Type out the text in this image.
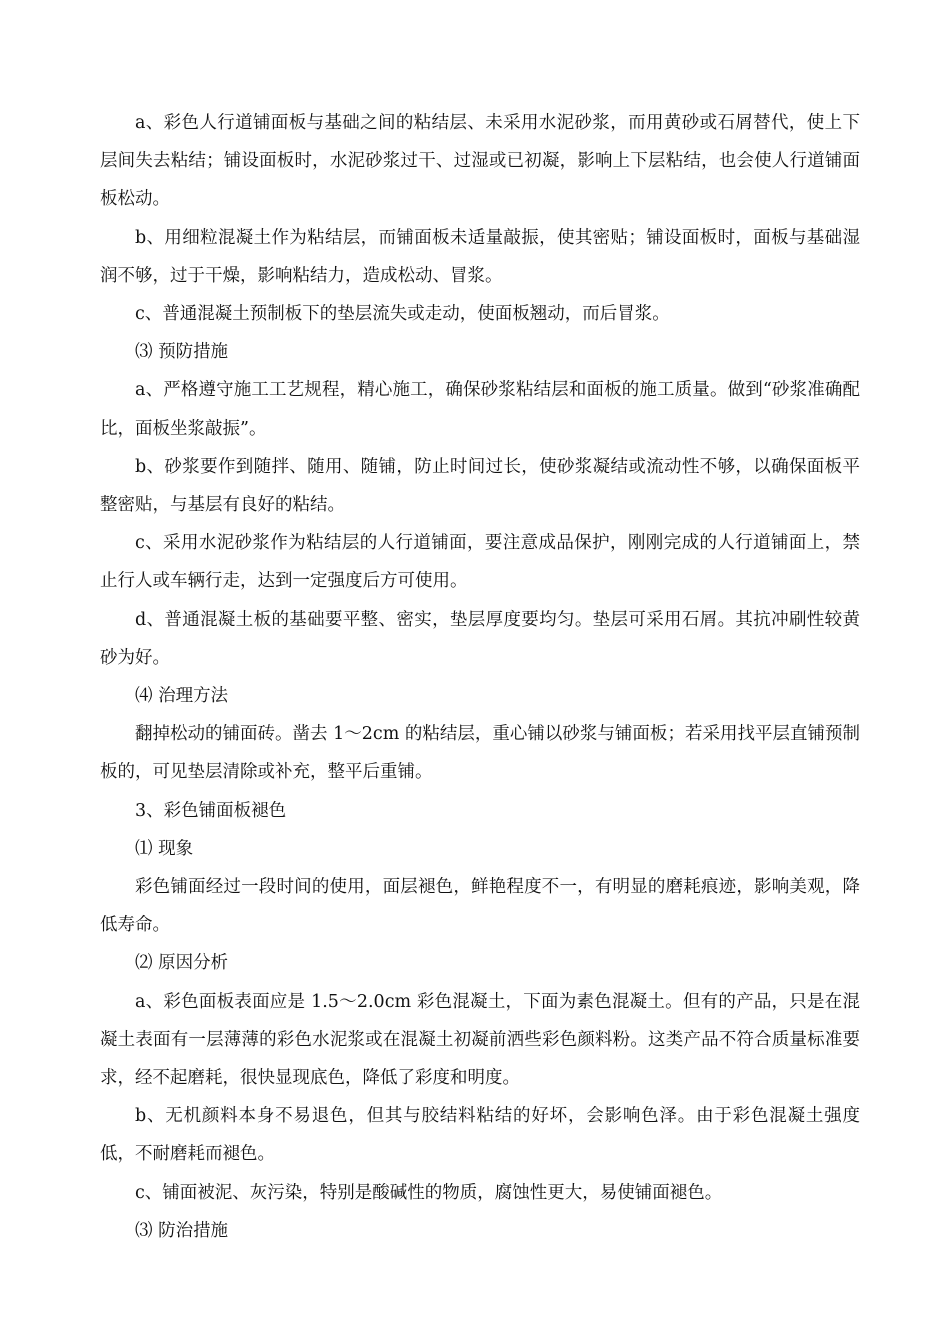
a、彩色人行道铺面板与基础之间的粘结层、未采用水泥砂浆，而用黄砂或石屑替代，使上下层间失去粘结；铺设面板时，水泥砂浆过干、过湿或已初凝，影响上下层粘结，也会使人行道铺面板松动。

b、用细粒混凝土作为粘结层，而铺面板未适量敲振，使其密贴；铺设面板时，面板与基础湿润不够，过于干燥，影响粘结力，造成松动、冒浆。

c、普通混凝土预制板下的垫层流失或走动，使面板翘动，而后冒浆。

⑶ 预防措施

a、严格遵守施工工艺规程，精心施工，确保砂浆粘结层和面板的施工质量。做到“砂浆准确配比，面板坐浆敲振”。

b、砂浆要作到随拌、随用、随铺，防止时间过长，使砂浆凝结或流动性不够，以确保面板平整密贴，与基层有良好的粘结。

c、采用水泥砂浆作为粘结层的人行道铺面，要注意成品保护，刚刚完成的人行道铺面上，禁止行人或车辆行走，达到一定强度后方可使用。

d、普通混凝土板的基础要平整、密实，垫层厚度要均匀。垫层可采用石屑。其抗冲刷性较黄砂为好。

⑷ 治理方法

翻掉松动的铺面砖。凿去 1～2cm 的粘结层，重心铺以砂浆与铺面板；若采用找平层直铺预制板的，可见垫层清除或补充，整平后重铺。

3、彩色铺面板褪色

⑴ 现象

彩色铺面经过一段时间的使用，面层褪色，鲜艳程度不一，有明显的磨耗痕迹，影响美观，降低寿命。

⑵ 原因分析

a、彩色面板表面应是 1.5～2.0cm 彩色混凝土，下面为素色混凝土。但有的产品，只是在混凝土表面有一层薄薄的彩色水泥浆或在混凝土初凝前洒些彩色颜料粉。这类产品不符合质量标准要求，经不起磨耗，很快显现底色，降低了彩度和明度。

b、无机颜料本身不易退色，但其与胶结料粘结的好坏，会影响色泽。由于彩色混凝土强度低，不耐磨耗而褪色。

c、铺面被泥、灰污染，特别是酸碱性的物质，腐蚀性更大，易使铺面褪色。

⑶ 防治措施
